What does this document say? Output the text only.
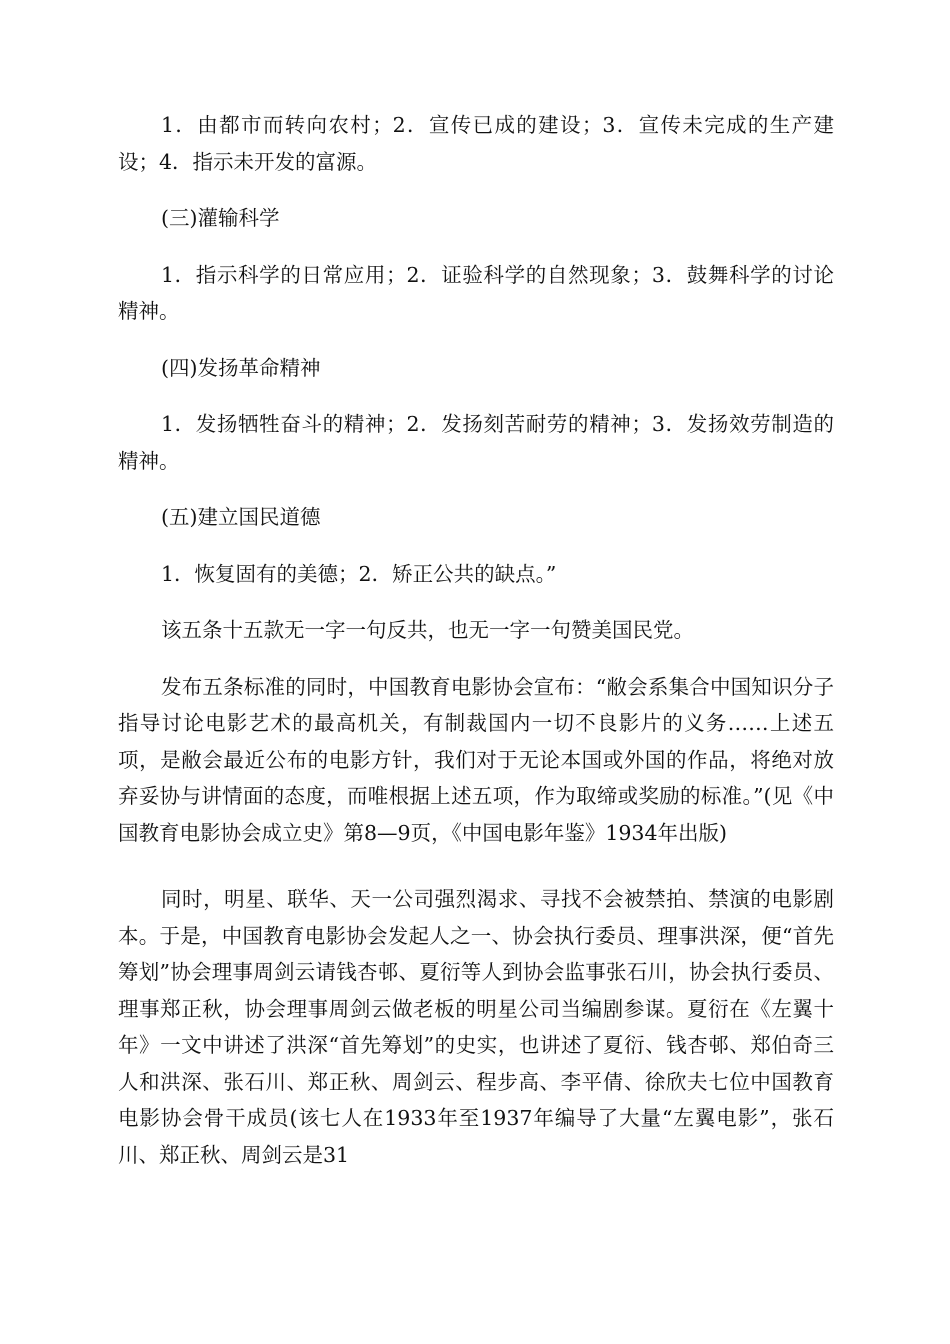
1．由都市而转向农村；2．宣传已成的建设；3．宣传未完成的生产建设；4．指示未开发的富源。

(三)灌输科学

1．指示科学的日常应用；2．证验科学的自然现象；3．鼓舞科学的讨论精神。

(四)发扬革命精神

1．发扬牺牲奋斗的精神；2．发扬刻苦耐劳的精神；3．发扬效劳制造的精神。

(五)建立国民道德

1．恢复固有的美德；2．矫正公共的缺点。”

该五条十五款无一字一句反共，也无一字一句赞美国民党。

发布五条标准的同时，中国教育电影协会宣布：“敝会系集合中国知识分子指导讨论电影艺术的最高机关，有制裁国内一切不良影片的义务……上述五项，是敝会最近公布的电影方针，我们对于无论本国或外国的作品，将绝对放弃妥协与讲情面的态度，而唯根据上述五项，作为取缔或奖励的标准。”(见《中国教育电影协会成立史》第8—9页，《中国电影年鉴》1934年出版)

同时，明星、联华、天一公司强烈渴求、寻找不会被禁拍、禁演的电影剧本。于是，中国教育电影协会发起人之一、协会执行委员、理事洪深，便“首先筹划”协会理事周剑云请钱杏邨、夏衍等人到协会监事张石川，协会执行委员、理事郑正秋，协会理事周剑云做老板的明星公司当编剧参谋。夏衍在《左翼十年》一文中讲述了洪深“首先筹划”的史实，也讲述了夏衍、钱杏邨、郑伯奇三人和洪深、张石川、郑正秋、周剑云、程步高、李平倩、徐欣夫七位中国教育电影协会骨干成员(该七人在1933年至1937年编导了大量“左翼电影”，张石川、郑正秋、周剑云是31
